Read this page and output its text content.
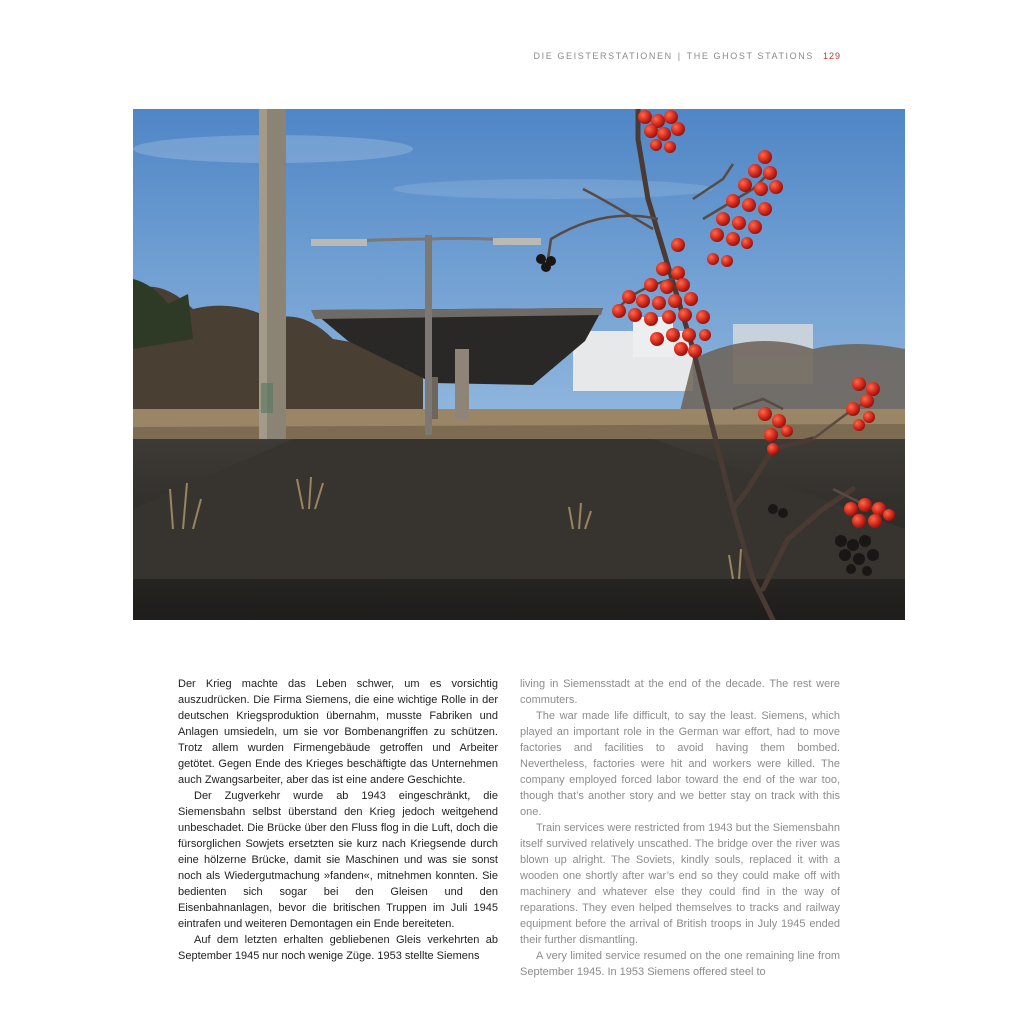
DIE GEISTERSTATIONEN | THE GHOST STATIONS 129

Der Krieg machte das Leben schwer, um es vorsichtig auszudrücken. Die Firma Siemens, die eine wichtige Rolle in der deutschen Kriegsproduktion übernahm, musste Fabriken und Anlagen umsiedeln, um sie vor Bombenangriffen zu schützen. Trotz allem wurden Firmengebäude getroffen und Arbeiter getötet. Gegen Ende des Krieges beschäftigte das Unternehmen auch Zwangsarbeiter, aber das ist eine andere Geschichte.

Der Zugverkehr wurde ab 1943 eingeschränkt, die Siemensbahn selbst überstand den Krieg jedoch weitgehend unbeschadet. Die Brücke über den Fluss flog in die Luft, doch die fürsorglichen Sowjets ersetzten sie kurz nach Kriegsende durch eine hölzerne Brücke, damit sie Maschinen und was sie sonst noch als Wiedergutmachung »fanden«, mitnehmen konnten. Sie bedienten sich sogar bei den Gleisen und den Eisenbahnanlagen, bevor die britischen Truppen im Juli 1945 eintrafen und weiteren Demontagen ein Ende bereiteten.

Auf dem letzten erhalten gebliebenen Gleis verkehrten ab September 1945 nur noch wenige Züge. 1953 stellte Siemens

living in Siemensstadt at the end of the decade. The rest were commuters.

The war made life difficult, to say the least. Siemens, which played an important role in the German war effort, had to move factories and facilities to avoid having them bombed. Nevertheless, factories were hit and workers were killed. The company employed forced labor toward the end of the war too, though that’s another story and we better stay on track with this one.

Train services were restricted from 1943 but the Siemensbahn itself survived relatively unscathed. The bridge over the river was blown up alright. The Soviets, kindly souls, replaced it with a wooden one shortly after war’s end so they could make off with machinery and whatever else they could find in the way of reparations. They even helped themselves to tracks and railway equipment before the arrival of British troops in July 1945 ended their further dismantling.

A very limited service resumed on the one remaining line from September 1945. In 1953 Siemens offered steel to
